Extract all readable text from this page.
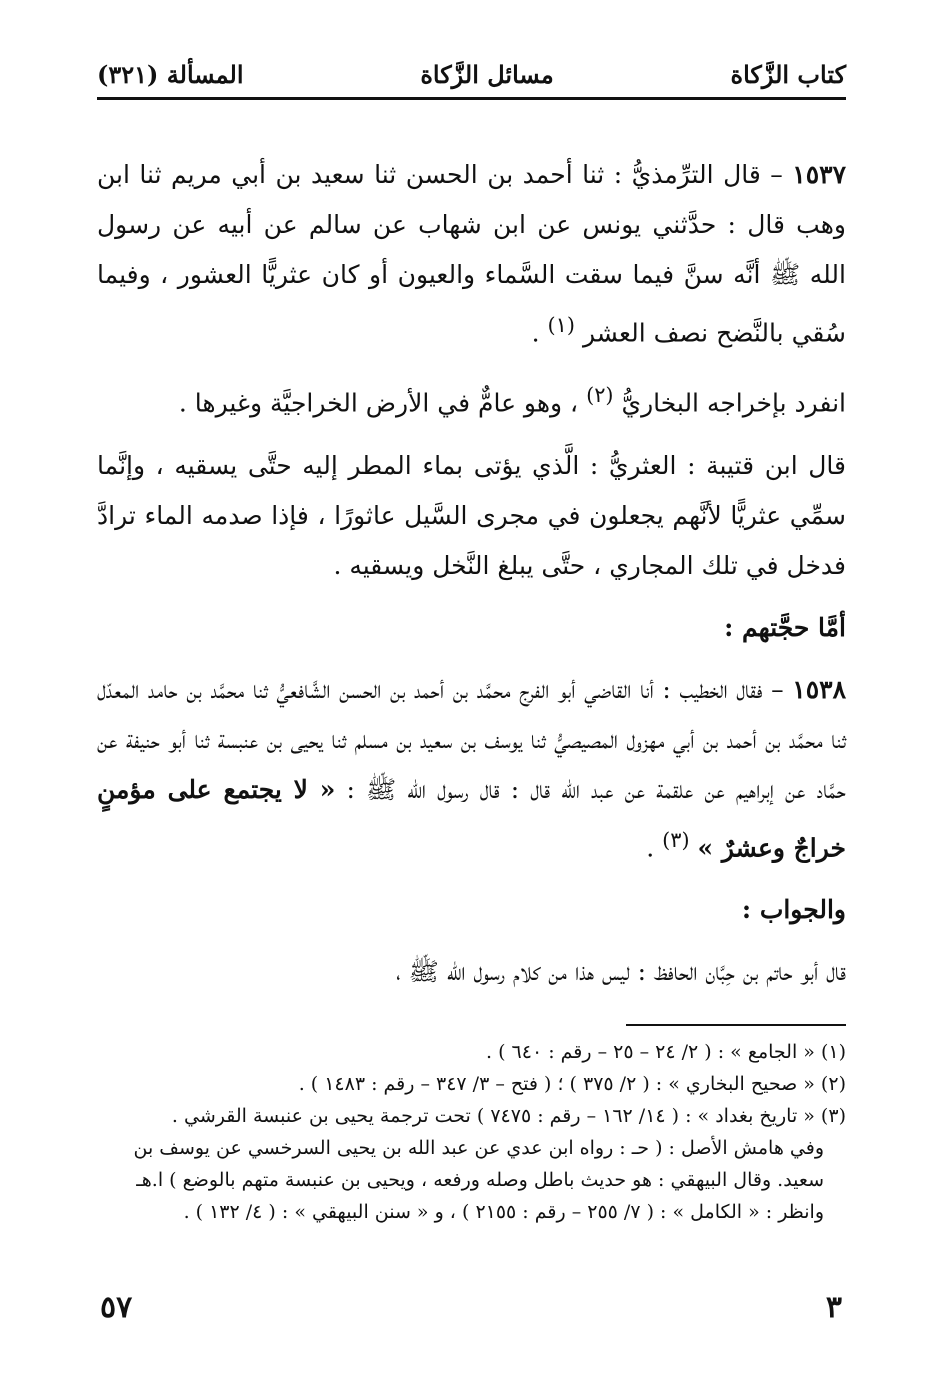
كتاب الزَّكاة
مسائل الزَّكاة
المسألة (٣٢١)

١٥٣٧ – قال الترِّمذيُّ : ثنا أحمد بن الحسن ثنا سعيد بن أبي مريم ثنا ابن وهب قال : حدَّثني يونس عن ابن شهاب عن سالم عن أبيه عن رسول الله ﷺ أنَّه سنَّ فيما سقت السَّماء والعيون أو كان عثريًّا العشور ، وفيما سُقي بالنَّضح نصف العشر $^{(١)}$ .

انفرد بإخراجه البخاريُّ $^{(٢)}$ ، وهو عامٌّ في الأرض الخراجيَّة وغيرها .

قال ابن قتيبة : العثريُّ : الَّذي يؤتى بماء المطر إليه حتَّى يسقيه ، وإنَّما سمِّي عثريًّا لأنَّهم يجعلون في مجرى السَّيل عاثورًا ، فإذا صدمه الماء ترادَّ فدخل في تلك المجاري ، حتَّى يبلغ النَّخل ويسقيه .

أمَّا حجَّتهم :

١٥٣٨ – فقال الخطيب : أنا القاضي أبو الفرج محمَّد بن أحمد بن الحسن الشَّافعيُّ ثنا محمَّد بن حامد المعدّل ثنا محمَّد بن أحمد بن أبي مهزول المصيصيُّ ثنا يوسف بن سعيد بن مسلم ثنا يحيى بن عنبسة ثنا أبو حنيفة عن حمَّاد عن إبراهيم عن علقمة عن عبد الله قال : قال رسول الله ﷺ : « لا يجتمع على مؤمنٍ خراجٌ وعشرٌ » $^{(٣)}$ .

والجواب :

قال أبو حاتم بن حِبَّان الحافظ : ليس هذا من كلام رسول الله ﷺ ،

(١) « الجامع » : ( ٢/ ٢٤ – ٢٥ – رقم : ٦٤٠ ) .

(٢) « صحيح البخاري » : ( ٢/ ٣٧٥ ) ؛ ( فتح – ٣/ ٣٤٧ – رقم : ١٤٨٣ ) .

(٣) « تاريخ بغداد » : ( ١٤/ ١٦٢ – رقم : ٧٤٧٥ ) تحت ترجمة يحيى بن عنبسة القرشي .

وفي هامش الأصل : ( حـ : رواه ابن عدي عن عبد الله بن يحيى السرخسي عن يوسف بن سعيد. وقال البيهقي : هو حديث باطل وصله ورفعه ، ويحيى بن عنبسة متهم بالوضع ) ا.هـ

وانظر : « الكامل » : ( ٧/ ٢٥٥ – رقم : ٢١٥٥ ) ، و « سنن البيهقي » : ( ٤/ ١٣٢ ) .

٣
٥٧
